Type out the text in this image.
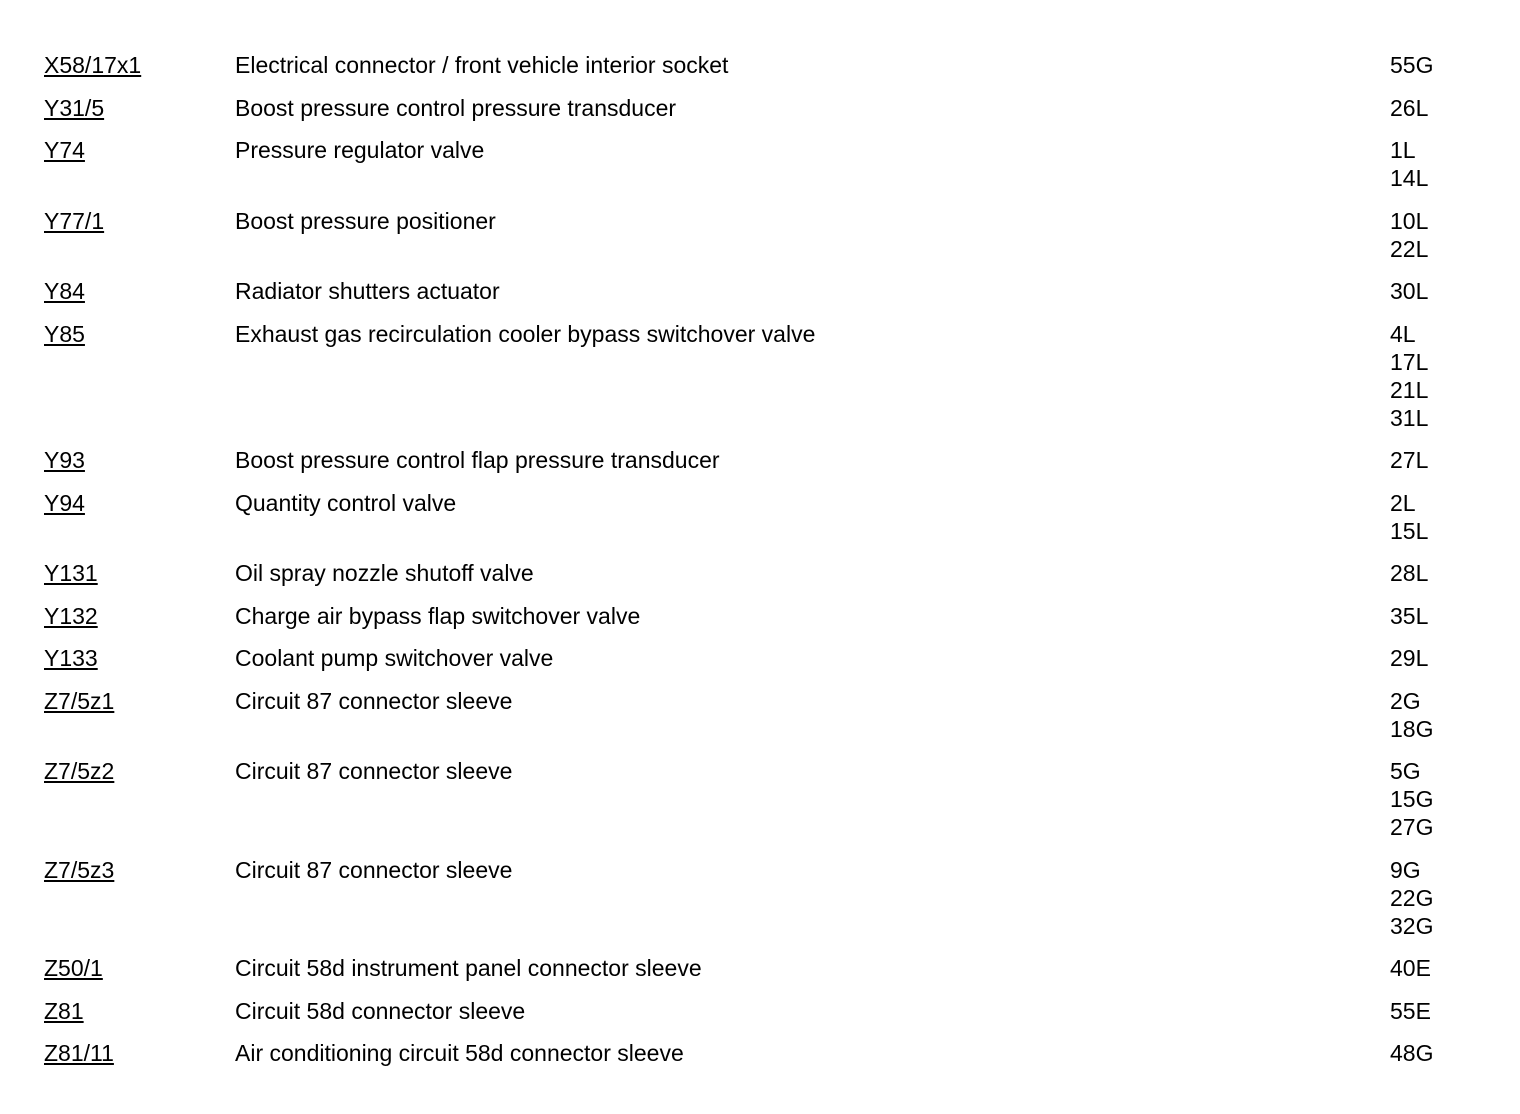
X58/17x1	Electrical connector / front vehicle interior socket	55G
Y31/5	Boost pressure control pressure transducer	26L
Y74	Pressure regulator valve	1L
14L
Y77/1	Boost pressure positioner	10L
22L
Y84	Radiator shutters actuator	30L
Y85	Exhaust gas recirculation cooler bypass switchover valve	4L
17L
21L
31L
Y93	Boost pressure control flap pressure transducer	27L
Y94	Quantity control valve	2L
15L
Y131	Oil spray nozzle shutoff valve	28L
Y132	Charge air bypass flap switchover valve	35L
Y133	Coolant pump switchover valve	29L
Z7/5z1	Circuit 87 connector sleeve	2G
18G
Z7/5z2	Circuit 87 connector sleeve	5G
15G
27G
Z7/5z3	Circuit 87 connector sleeve	9G
22G
32G
Z50/1	Circuit 58d instrument panel connector sleeve	40E
Z81	Circuit 58d connector sleeve	55E
Z81/11	Air conditioning circuit 58d connector sleeve	48G
